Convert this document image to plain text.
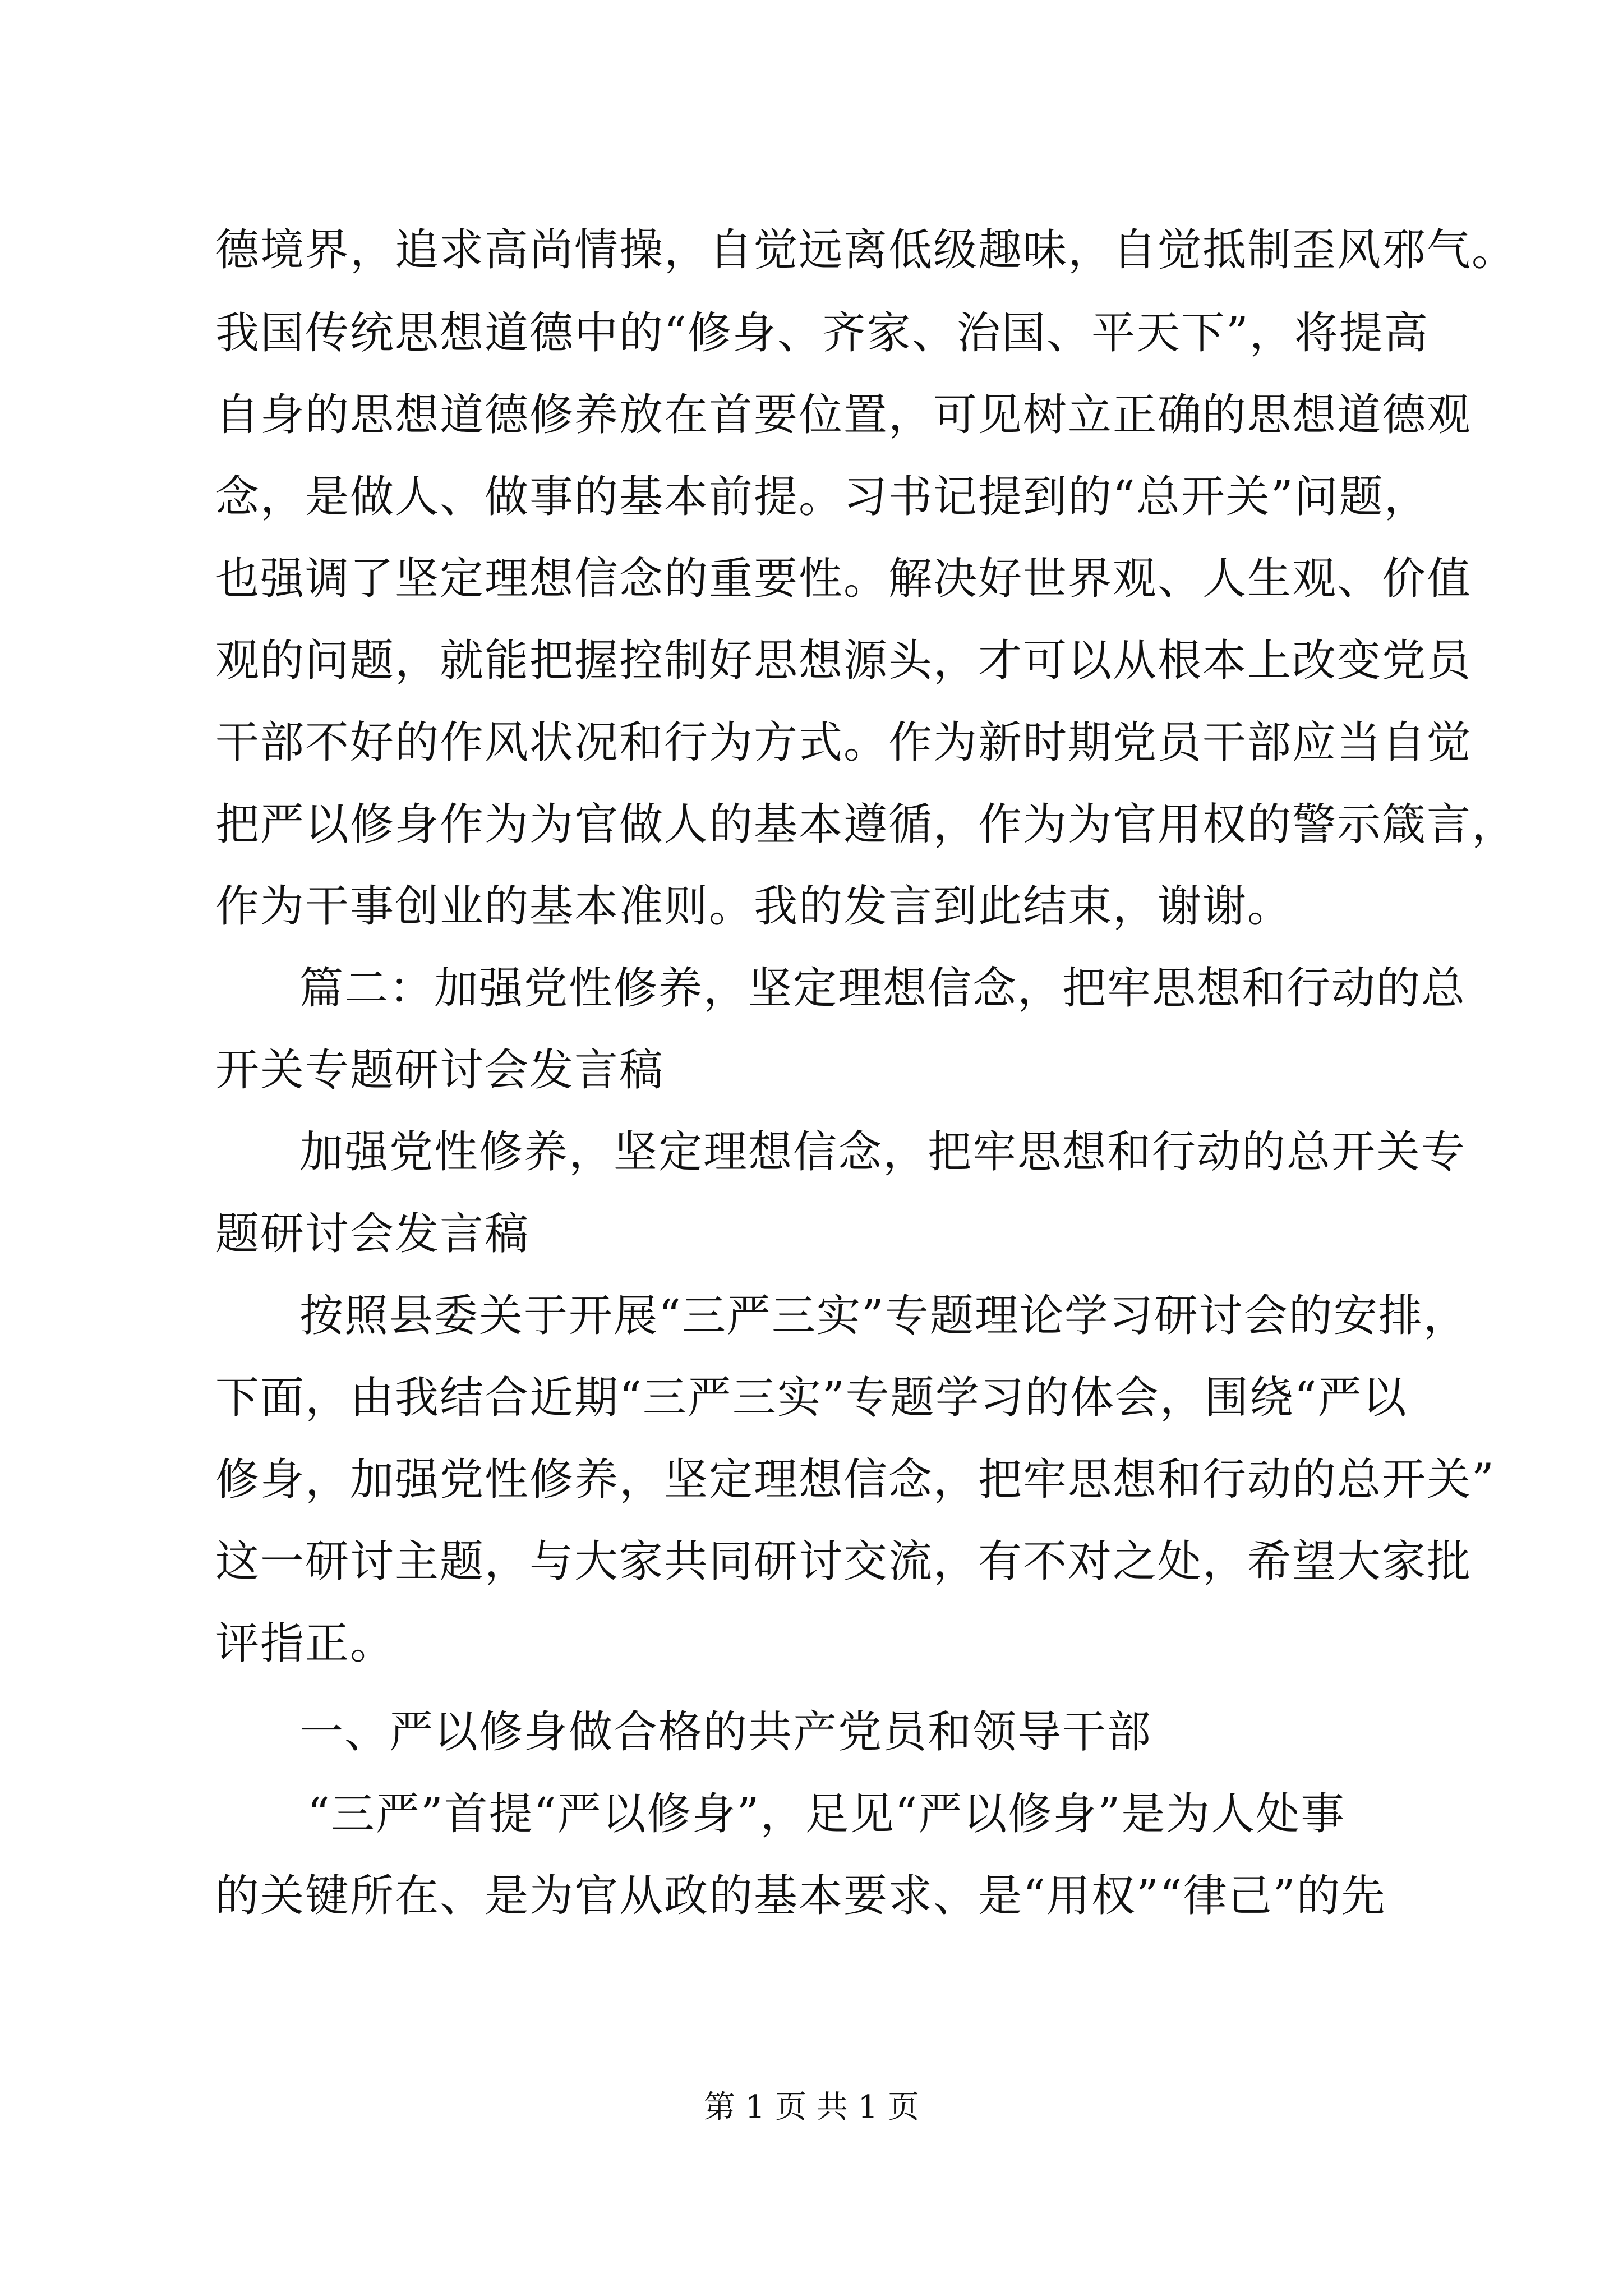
德境界，追求高尚情操，自觉远离低级趣味，自觉抵制歪风邪气。
我国传统思想道德中的“修身、齐家、治国、平天下”，将提高
自身的思想道德修养放在首要位置，可见树立正确的思想道德观
念，是做人、做事的基本前提。习书记提到的“总开关”问题，
也强调了坚定理想信念的重要性。解决好世界观、人生观、价值
观的问题，就能把握控制好思想源头，才可以从根本上改变党员
干部不好的作风状况和行为方式。作为新时期党员干部应当自觉
把严以修身作为为官做人的基本遵循，作为为官用权的警示箴言，
作为干事创业的基本准则。我的发言到此结束，谢谢。
篇二：加强党性修养，坚定理想信念，把牢思想和行动的总
开关专题研讨会发言稿
加强党性修养，坚定理想信念，把牢思想和行动的总开关专
题研讨会发言稿
按照县委关于开展“三严三实”专题理论学习研讨会的安排，
下面，由我结合近期“三严三实”专题学习的体会，围绕“严以
修身，加强党性修养，坚定理想信念，把牢思想和行动的总开关”
这一研讨主题，与大家共同研讨交流，有不对之处，希望大家批
评指正。
一、严以修身做合格的共产党员和领导干部
“三严”首提“严以修身”，足见“严以修身”是为人处事
的关键所在、是为官从政的基本要求、是“用权”“律己”的先
第 1 页 共 1 页
